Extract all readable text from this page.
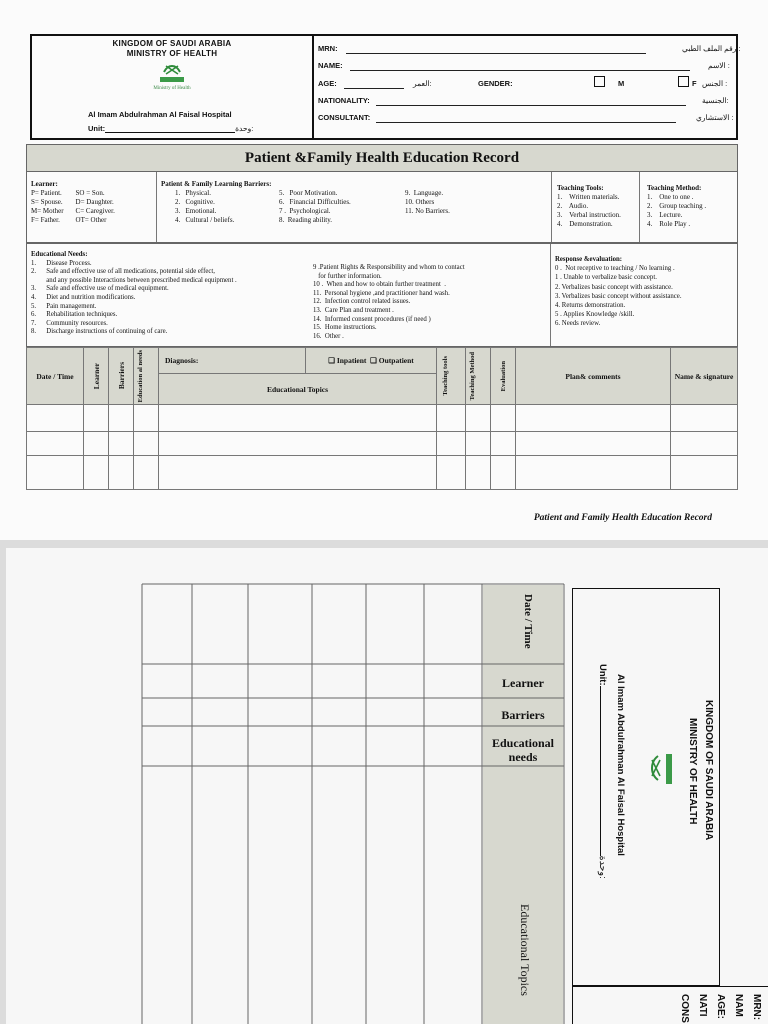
KINGDOM OF SAUDI ARABIA
MINISTRY OF HEALTH
Ministry of Health
Al Imam Abdulrahman Al Faisal Hospital
Unit:	وحدة:
MRN:	رقم الملف الطبي :
NAME:	الاسم :
AGE:	العمر:	GENDER:	M	F الجنس :
NATIONALITY:	الجنسية:
CONSULTANT:	الاستشاري :
Patient &Family Health Education Record
Learner:
P= Patient.
S= Spouse.
M= Mother
F= Father.
SO = Son.
D= Daughter.
C= Caregiver.
OT= Other
Patient & Family Learning Barriers:
1.   Physical.
2.   Cognitive.
3.   Emotional.
4.   Cultural / beliefs.
5.   Poor Motivation.
6.   Financial Difficulties.
7 .  Psychological.
8.  Reading ability.
9.  Language.
10. Others
11. No Barriers.
Teaching Tools:
1.    Written materials.
2.    Audio.
3.    Verbal instruction.
4.    Demonstration.
Teaching Method:
1.    One to one .
2.    Group teaching .
3.    Lecture.
4.    Role Play .
Educational Needs:
1.      Disease Process.
2.      Safe and effective use of all medications, potential side effect,
and any possible Interactions between prescribed medical equipment .
3.      Safe and effective use of medical equipment.
4.      Diet and nutrition modifications.
5.      Pain management.
6.      Rehabilitation techniques.
7.      Community resources.
8.      Discharge instructions of continuing of care.
9 .Patient Rights & Responsibility and whom to contact
for further information.
10 .  When and how to obtain further treatment  .
11.  Personal hygiene ,and practitioner hand wash.
12.  Infection control related issues.
13.  Care Plan and treatment .
14.  Informed consent procedures (if need )
15.  Home instructions.
16.  Other .
Response &evaluation:
0 .  Not receptive to teaching / No learning .
1 . Unable to verbalize basic concept.
2. Verbalizes basic concept with assistance.
3. Verbalizes basic concept without assistance.
4. Returns demonstration.
5 . Applies Knowledge /skill.
6. Needs review.
Date / Time	Learner	Barriers	Education al needs	Diagnosis:	❑ Inpatient ❑ Outpatient	Teaching tools	Teaching Method	Evaluation	Plan& comments	Name & signature
				Educational Topics						

Patient and Family Health Education Record
Date / Time
Learner
Barriers
Educational needs
Educational Topics
KINGDOM OF SAUDI ARABIA
MINISTRY OF HEALTH
Al Imam Abdulrahman Al Faisal Hospital
Unit:وحدة:
MRN:
NAM
AGE:
NATI
CONS
